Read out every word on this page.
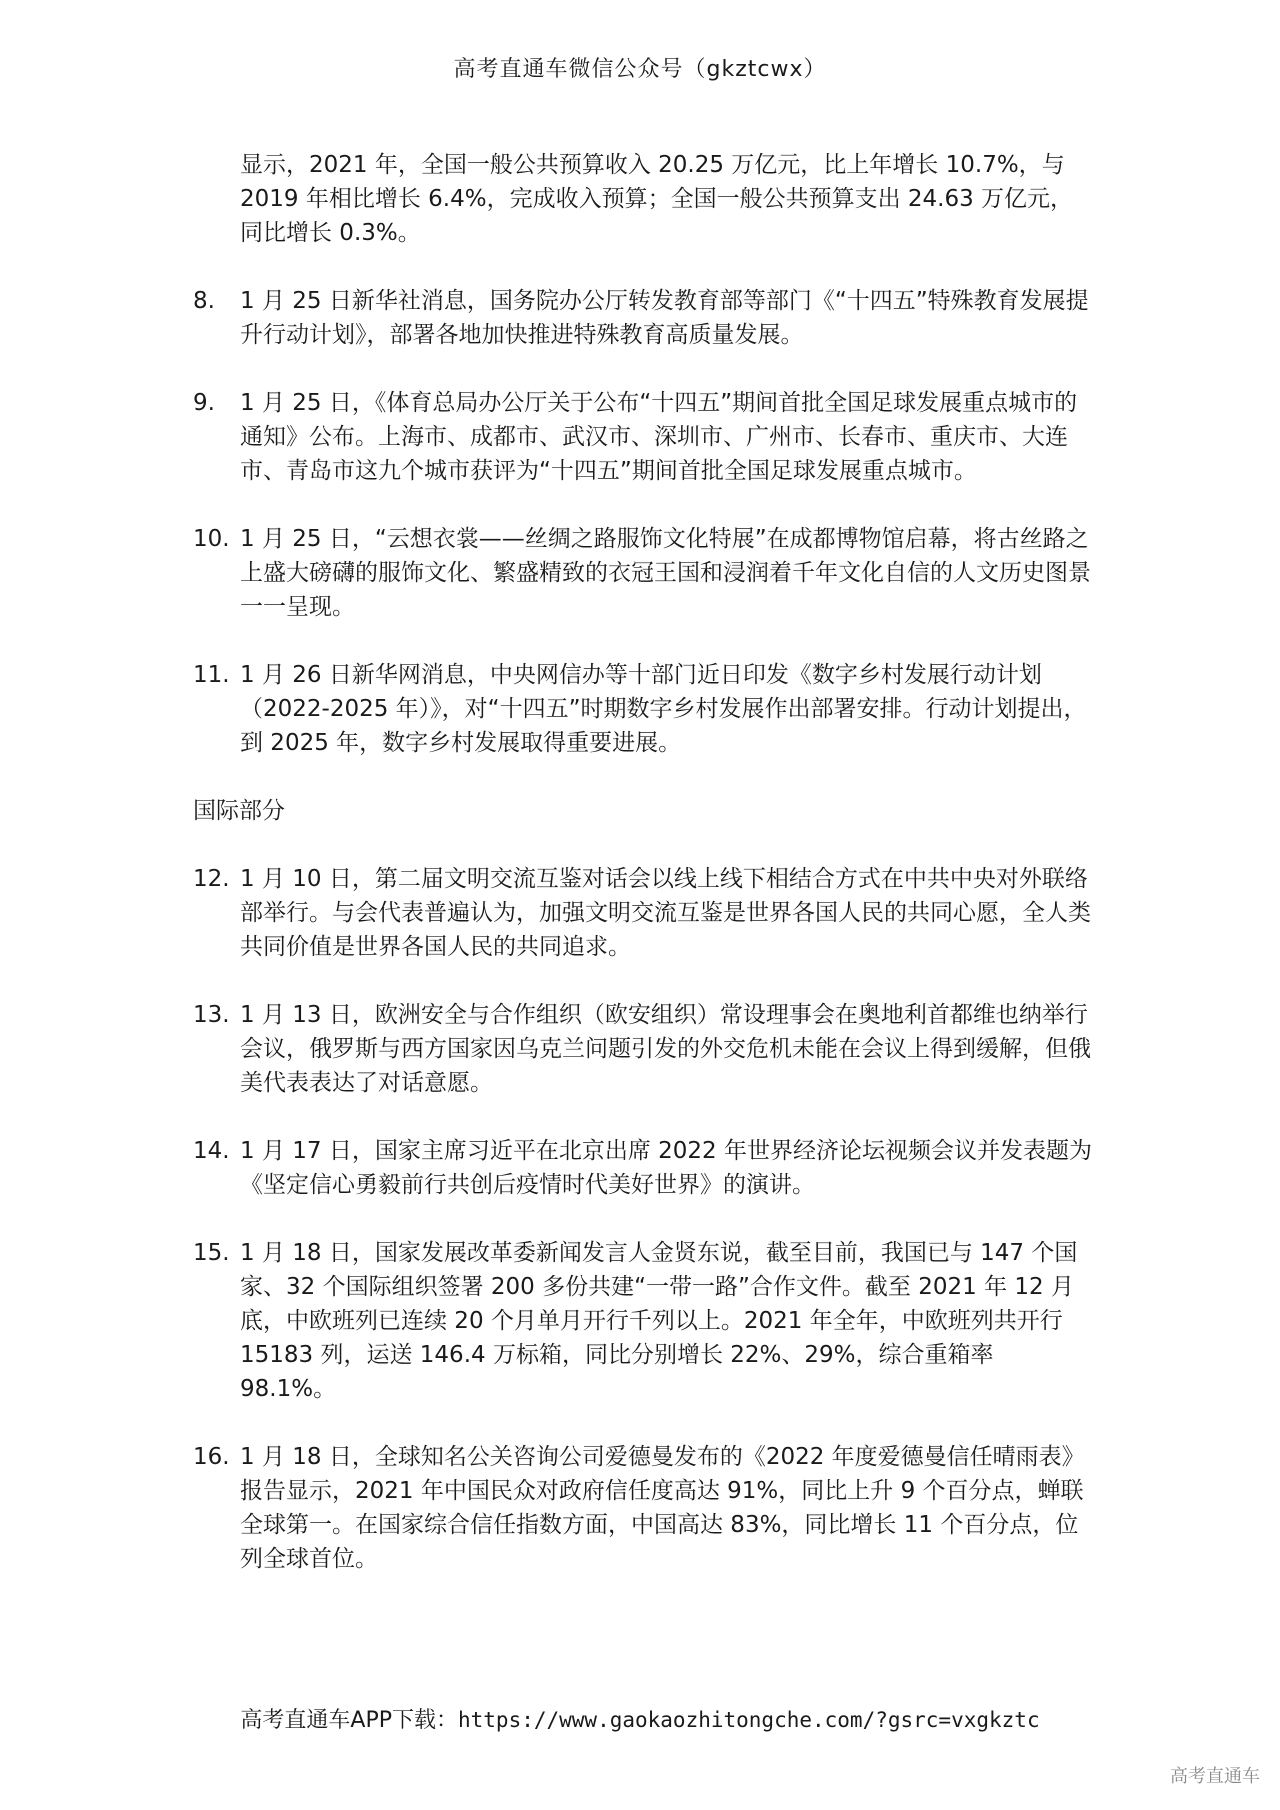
高考直通车微信公众号（gkztcwx）
显示，2021 年，全国一般公共预算收入 20.25 万亿元，比上年增长 10.7%，与 2019 年相比增长 6.4%，完成收入预算；全国一般公共预算支出 24.63 万亿元，同比增长 0.3%。
8. 1 月 25 日新华社消息，国务院办公厅转发教育部等部门《“十四五”特殊教育发展提升行动计划》，部署各地加快推进特殊教育高质量发展。
9. 1 月 25 日，《体育总局办公厅关于公布“十四五”期间首批全国足球发展重点城市的通知》公布。上海市、成都市、武汉市、深圳市、广州市、长春市、重庆市、大连市、青岛市这九个城市获评为“十四五”期间首批全国足球发展重点城市。
10. 1 月 25 日，“云想衣裳——丝绸之路服饰文化特展”在成都博物馆启幕，将古丝路之上盛大磅礴的服饰文化、繁盛精致的衣冠王国和浸润着千年文化自信的人文历史图景一一呈现。
11. 1 月 26 日新华网消息，中央网信办等十部门近日印发《数字乡村发展行动计划（2022-2025 年）》，对“十四五”时期数字乡村发展作出部署安排。行动计划提出，到 2025 年，数字乡村发展取得重要进展。
国际部分
12. 1 月 10 日，第二届文明交流互鉴对话会以线上线下相结合方式在中共中央对外联络部举行。与会代表普遍认为，加强文明交流互鉴是世界各国人民的共同心愿，全人类共同价值是世界各国人民的共同追求。
13. 1 月 13 日，欧洲安全与合作组织（欧安组织）常设理事会在奥地利首都维也纳举行会议，俄罗斯与西方国家因乌克兰问题引发的外交危机未能在会议上得到缓解，但俄美代表表达了对话意愿。
14. 1 月 17 日，国家主席习近平在北京出席 2022 年世界经济论坛视频会议并发表题为《坚定信心勇毅前行共创后疫情时代美好世界》的演讲。
15. 1 月 18 日，国家发展改革委新闻发言人金贤东说，截至目前，我国已与 147 个国家、32 个国际组织签署 200 多份共建“一带一路”合作文件。截至 2021 年 12 月底，中欧班列已连续 20 个月单月开行千列以上。2021 年全年，中欧班列共开行 15183 列，运送 146.4 万标箱，同比分别增长 22%、29%，综合重箱率 98.1%。
16. 1 月 18 日，全球知名公关咨询公司爱德曼发布的《2022 年度爱德曼信任晴雨表》报告显示，2021 年中国民众对政府信任度高达 91%，同比上升 9 个百分点，蝉联全球第一。在国家综合信任指数方面，中国高达 83%，同比增长 11 个百分点，位列全球首位。
高考直通车APP下载：https://www.gaokaozhitongche.com/?gsrc=vxgkztc
高考直通车
